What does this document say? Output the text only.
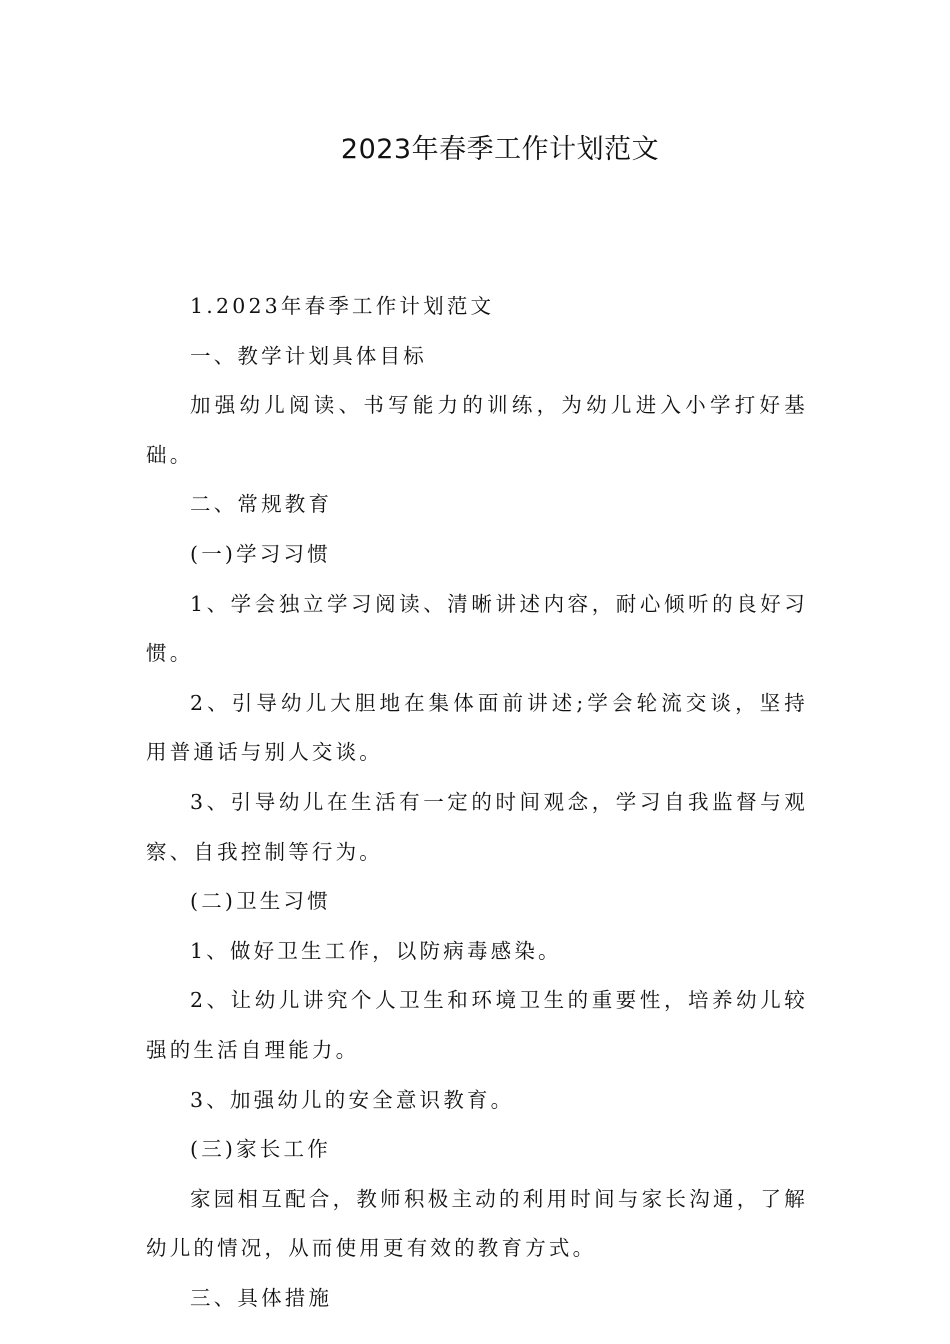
2023年春季工作计划范文

1.2023年春季工作计划范文

一、教学计划具体目标

加强幼儿阅读、书写能力的训练，为幼儿进入小学打好基础。

二、常规教育

(一)学习习惯

1、学会独立学习阅读、清晰讲述内容，耐心倾听的良好习惯。

2、引导幼儿大胆地在集体面前讲述;学会轮流交谈，坚持用普通话与别人交谈。

3、引导幼儿在生活有一定的时间观念，学习自我监督与观察、自我控制等行为。

(二)卫生习惯

1、做好卫生工作，以防病毒感染。

2、让幼儿讲究个人卫生和环境卫生的重要性，培养幼儿较强的生活自理能力。

3、加强幼儿的安全意识教育。

(三)家长工作

家园相互配合，教师积极主动的利用时间与家长沟通，了解幼儿的情况，从而使用更有效的教育方式。

三、具体措施
